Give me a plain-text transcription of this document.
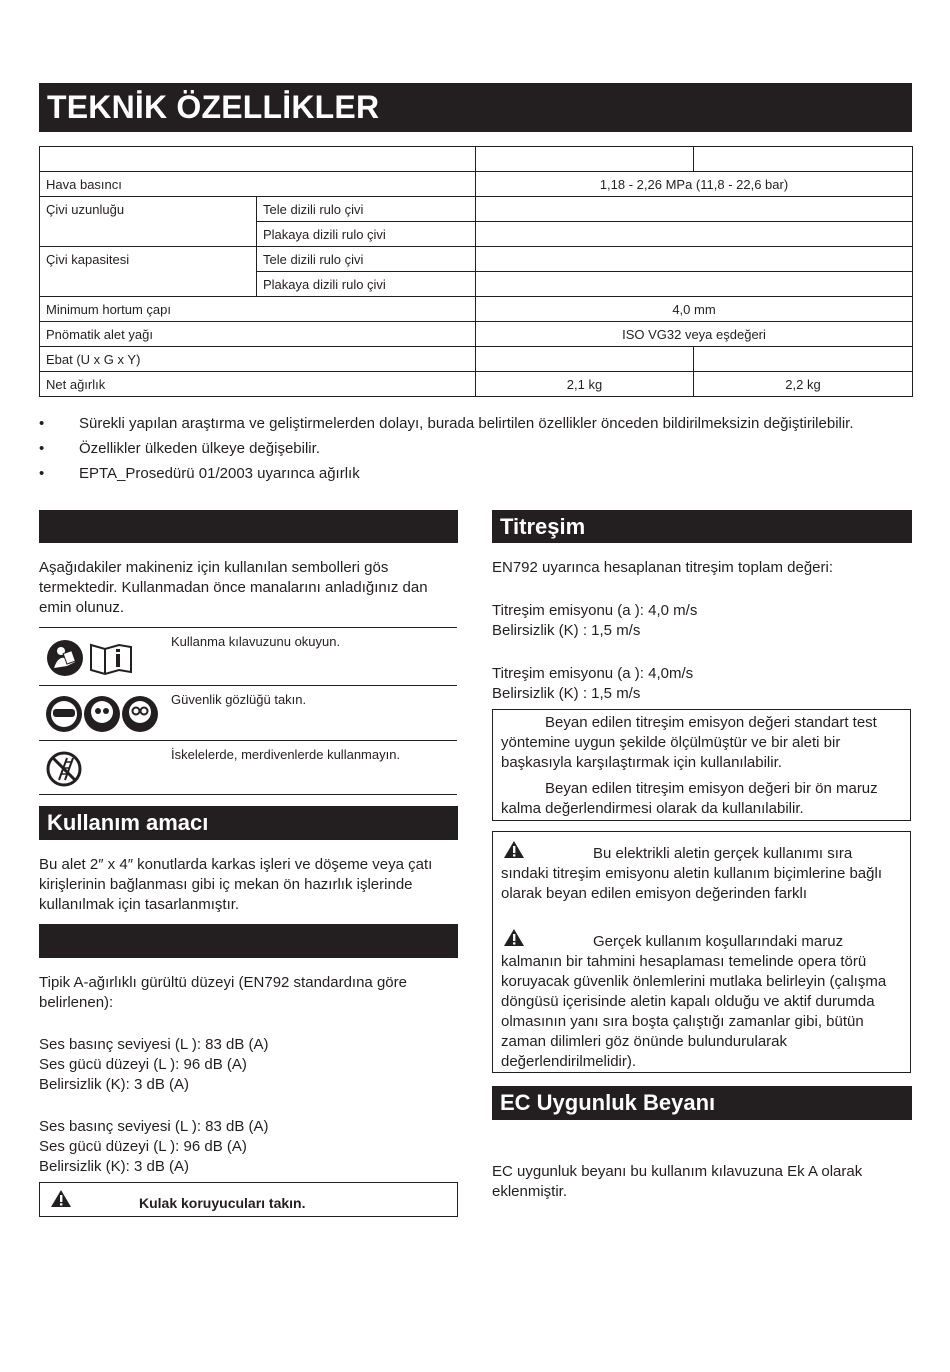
TEKNİK ÖZELLİKLER

Hava basıncı		1,18 - 2,26 MPa (11,8 - 22,6 bar)	
Çivi uzunluğu	Tele dizili rulo çivi		
	Plakaya dizili rulo çivi		
Çivi kapasitesi	Tele dizili rulo çivi		
	Plakaya dizili rulo çivi		
Minimum hortum çapı		4,0 mm	
Pnömatik alet yağı		ISO VG32 veya eşdeğeri	
Ebat (U x G x Y)			
Net ağırlık		2,1 kg	2,2 kg
• Sürekli yapılan araştırma ve geliştirmelerden dolayı, burada belirtilen özellikler önceden bildirilmeksizin değiştirilebilir.
• Özellikler ülkeden ülkeye değişebilir.
• EPTA_Prosedürü 01/2003 uyarınca ağırlık
Aşağıdakiler makineniz için kullanılan sembolleri gös termektedir. Kullanmadan önce manalarını anladığınız dan emin olunuz.
Kullanma kılavuzunu okuyun.
Güvenlik gözlüğü takın.
İskelelerde, merdivenlerde kullanmayın.
Kullanım amacı
Bu alet 2″ x 4″ konutlarda karkas işleri ve döşeme veya çatı kirişlerinin bağlanması gibi iç mekan ön hazırlık işlerinde kullanılmak için tasarlanmıştır.
Tipik A-ağırlıklı gürültü düzeyi (EN792 standardına göre belirlenen):
Ses basınç seviyesi (L ): 83 dB (A)
Ses gücü düzeyi (L ): 96 dB (A)
Belirsizlik (K): 3 dB (A)
Ses basınç seviyesi (L ): 83 dB (A)
Ses gücü düzeyi (L ): 96 dB (A)
Belirsizlik (K): 3 dB (A)
Kulak koruyucuları takın.
Titreşim
EN792 uyarınca hesaplanan titreşim toplam değeri:
Titreşim emisyonu (a ): 4,0 m/s
Belirsizlik (K) : 1,5 m/s
Titreşim emisyonu (a ): 4,0m/s
Belirsizlik (K) : 1,5 m/s
Beyan edilen titreşim emisyon değeri standart test yöntemine uygun şekilde ölçülmüştür ve bir aleti bir başkasıyla karşılaştırmak için kullanılabilir.
Beyan edilen titreşim emisyon değeri bir ön maruz kalma değerlendirmesi olarak da kullanılabilir.
Bu elektrikli aletin gerçek kullanımı sıra sındaki titreşim emisyonu aletin kullanım biçimlerine bağlı olarak beyan edilen emisyon değerinden farklı
Gerçek kullanım koşullarındaki maruz kalmanın bir tahmini hesaplaması temelinde opera törü koruyacak güvenlik önlemlerini mutlaka belirleyin (çalışma döngüsü içerisinde aletin kapalı olduğu ve aktif durumda olmasının yanı sıra boşta çalıştığı zamanlar gibi, bütün zaman dilimleri göz önünde bulundurularak değerlendirilmelidir).
EC Uygunluk Beyanı
EC uygunluk beyanı bu kullanım kılavuzuna Ek A olarak eklenmiştir.
